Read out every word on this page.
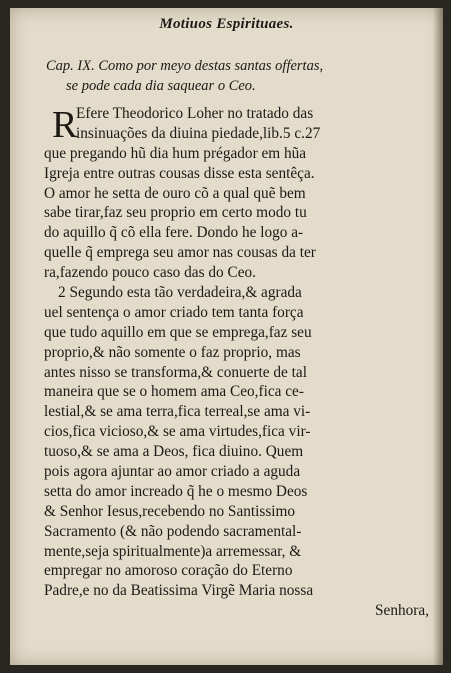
Motiuos Espirituaes.
Cap. IX. Como por meyo destas santas offertas,
se pode cada dia saquear o Ceo.
R
Efere Theodorico Loher no tratado das
insinuações da diuina piedade,lib.5 c.27
que pregando hũ dia hum prégador em hũa
Igreja entre outras cousas disse esta sentêça.
O amor he setta de ouro cõ a qual quẽ bem
sabe tirar,faz seu proprio em certo modo tu
do aquillo q̃ cõ ella fere. Dondo he logo a-
quelle q̃ emprega seu amor nas cousas da ter
ra,fazendo pouco caso das do Ceo.
2 Segundo esta tão verdadeira,& agrada
uel sentença o amor criado tem tanta força
que tudo aquillo em que se emprega,faz seu
proprio,& não somente o faz proprio, mas
antes nisso se transforma,& conuerte de tal
maneira que se o homem ama Ceo,fica ce-
lestial,& se ama terra,fica terreal,se ama vi-
cios,fica vicioso,& se ama virtudes,fica vir-
tuoso,& se ama a Deos, fica diuino. Quem
pois agora ajuntar ao amor criado a aguda
setta do amor increado q̃ he o mesmo Deos
& Senhor Iesus,recebendo no Santissimo
Sacramento (& não podendo sacramental-
mente,seja spiritualmente)a arremessar, &
empregar no amoroso coração do Eterno
Padre,e no da Beatissima Virgẽ Maria nossa
Senhora,
